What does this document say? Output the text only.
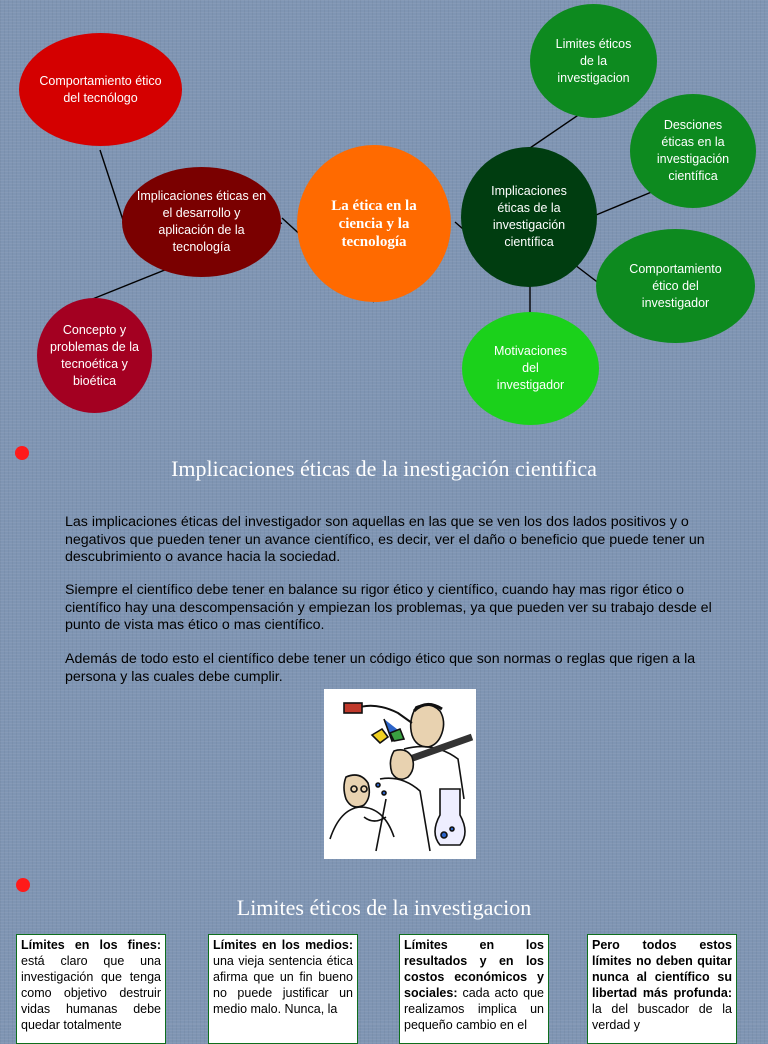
Comportamiento ético del tecnólogo
Implicaciones éticas en el desarrollo y aplicación de la tecnología
Concepto y problemas de la tecnoética y bioética
La ética en la ciencia y la tecnología
Implicaciones éticas de la investigación científica
Limites éticos de la investigacion
Desciones éticas en la investigación científica
Comportamiento ético del investigador
Motivaciones del investigador
Implicaciones éticas de la inestigación cientifica
Las implicaciones éticas del investigador son aquellas en las que se ven los dos lados positivos y o negativos que pueden tener un avance científico, es decir, ver el daño o beneficio que puede tener un descubrimiento o avance hacia la sociedad.
Siempre el científico debe tener en balance su rigor ético y científico, cuando hay mas rigor ético o científico hay una descompensación y empiezan los problemas, ya que pueden ver su trabajo desde el punto de vista mas ético o mas científico.
Además de todo esto el científico debe tener un código ético que son normas o reglas que rigen a la persona y las cuales debe cumplir.
Limites éticos de la investigacion
Límites en los fines: está claro que una investigación que tenga como objetivo destruir vidas humanas debe quedar totalmente
Límites en los medios: una vieja sentencia ética afirma que un fin bueno no puede justificar un medio malo. Nunca, la
Límites en los resultados y en los costos económicos y sociales: cada acto que realizamos implica un pequeño cambio en el
Pero todos estos límites no deben quitar nunca al científico su libertad más profunda: la del buscador de la verdad y
